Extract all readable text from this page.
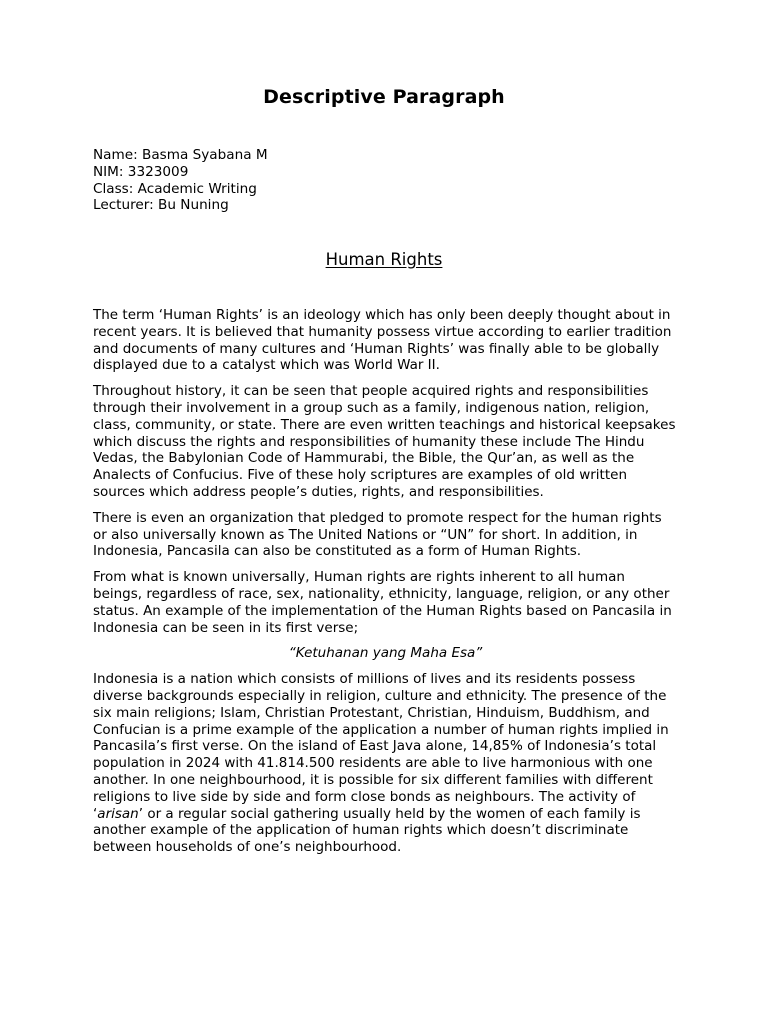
Descriptive Paragraph
Name: Basma Syabana M
NIM: 3323009
Class: Academic Writing
Lecturer: Bu Nuning
Human Rights

The term ‘Human Rights’ is an ideology which has only been deeply thought about in recent years. It is believed that humanity possess virtue according to earlier tradition and documents of many cultures and ‘Human Rights’ was finally able to be globally displayed due to a catalyst which was World War II.

Throughout history, it can be seen that people acquired rights and responsibilities through their involvement in a group such as a family, indigenous nation, religion, class, community, or state. There are even written teachings and historical keepsakes which discuss the rights and responsibilities of humanity these include The Hindu Vedas, the Babylonian Code of Hammurabi, the Bible, the Qur’an, as well as the Analects of Confucius. Five of these holy scriptures are examples of old written sources which address people’s duties, rights, and responsibilities.

There is even an organization that pledged to promote respect for the human rights or also universally known as The United Nations or “UN” for short. In addition, in Indonesia, Pancasila can also be constituted as a form of Human Rights.

From what is known universally, Human rights are rights inherent to all human beings, regardless of race, sex, nationality, ethnicity, language, religion, or any other status. An example of the implementation of the Human Rights based on Pancasila in Indonesia can be seen in its first verse;

“Ketuhanan yang Maha Esa”

Indonesia is a nation which consists of millions of lives and its residents possess diverse backgrounds especially in religion, culture and ethnicity. The presence of the six main religions; Islam, Christian Protestant, Christian, Hinduism, Buddhism, and Confucian is a prime example of the application a number of human rights implied in Pancasila’s first verse. On the island of East Java alone, 14,85% of Indonesia’s total population in 2024 with 41.814.500 residents are able to live harmonious with one another. In one neighbourhood, it is possible for six different families with different religions to live side by side and form close bonds as neighbours. The activity of ‘arisan’ or a regular social gathering usually held by the women of each family is another example of the application of human rights which doesn’t discriminate between households of one’s neighbourhood.
